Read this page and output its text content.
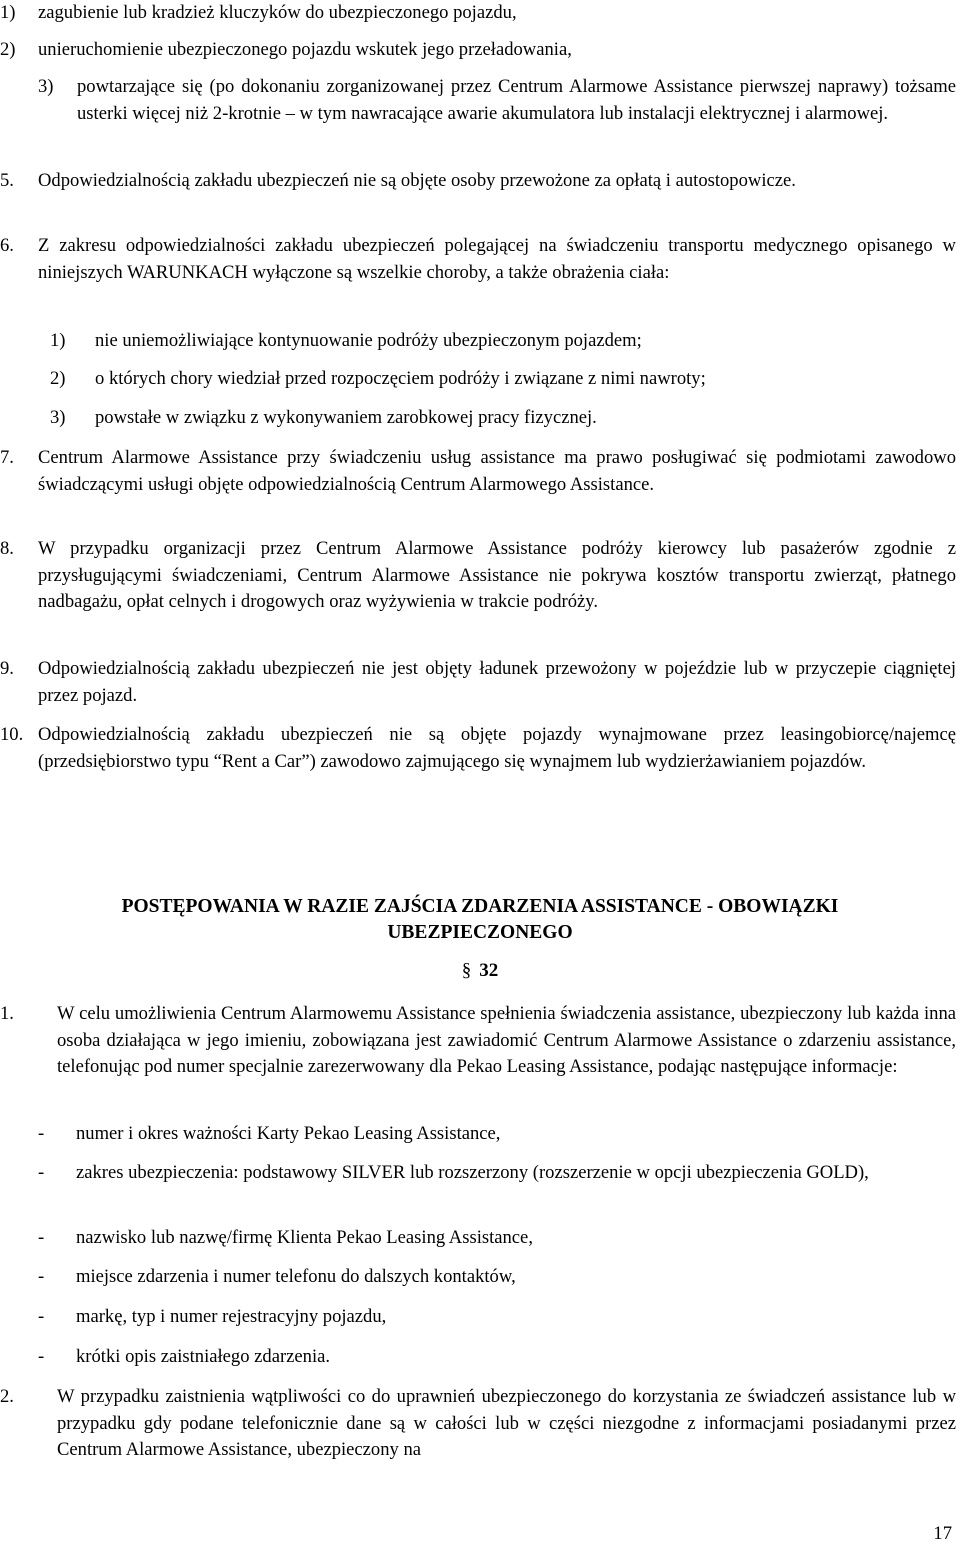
1) zagubienie lub kradzież kluczyków do ubezpieczonego pojazdu,
2) unieruchomienie ubezpieczonego pojazdu wskutek jego przeładowania,
3) powtarzające się (po dokonaniu zorganizowanej przez Centrum Alarmowe Assistance pierwszej naprawy) tożsame usterki więcej niż 2-krotnie – w tym nawracające awarie akumulatora lub instalacji elektrycznej i alarmowej.
5. Odpowiedzialnością zakładu ubezpieczeń nie są objęte osoby przewożone za opłatą i autostopowicze.
6. Z zakresu odpowiedzialności zakładu ubezpieczeń polegającej na świadczeniu transportu medycznego opisanego w niniejszych WARUNKACH wyłączone są wszelkie choroby, a także obrażenia ciała:
1) nie uniemożliwiające kontynuowanie podróży ubezpieczonym pojazdem;
2) o których chory wiedział przed rozpoczęciem podróży i związane z nimi nawroty;
3) powstałe w związku z wykonywaniem zarobkowej pracy fizycznej.
7. Centrum Alarmowe Assistance przy świadczeniu usług assistance ma prawo posługiwać się podmiotami zawodowo świadczącymi usługi objęte odpowiedzialnością Centrum Alarmowego Assistance.
8. W przypadku organizacji przez Centrum Alarmowe Assistance podróży kierowcy lub pasażerów zgodnie z przysługującymi świadczeniami, Centrum Alarmowe Assistance nie pokrywa kosztów transportu zwierząt, płatnego nadbagażu, opłat celnych i drogowych oraz wyżywienia w trakcie podróży.
9. Odpowiedzialnością zakładu ubezpieczeń nie jest objęty ładunek przewożony w pojeździe lub w przyczepie ciągniętej przez pojazd.
10. Odpowiedzialnością zakładu ubezpieczeń nie są objęte pojazdy wynajmowane przez leasingobiorcę/najemcę (przedsiębiorstwo typu “Rent a Car”) zawodowo zajmującego się wynajmem lub wydzierżawianiem pojazdów.
POSTĘPOWANIA W RAZIE ZAJŚCIA ZDARZENIA ASSISTANCE - OBOWIĄZKI
UBEZPIECZONEGO
§ 32
1. W celu umożliwienia Centrum Alarmowemu Assistance spełnienia świadczenia assistance, ubezpieczony lub każda inna osoba działająca w jego imieniu, zobowiązana jest zawiadomić Centrum Alarmowe Assistance o zdarzeniu assistance, telefonując pod numer specjalnie zarezerwowany dla Pekao Leasing Assistance, podając następujące informacje:
- numer i okres ważności Karty Pekao Leasing Assistance,
- zakres ubezpieczenia: podstawowy SILVER lub rozszerzony (rozszerzenie w opcji ubezpieczenia GOLD),
- nazwisko lub nazwę/firmę Klienta Pekao Leasing Assistance,
- miejsce zdarzenia i numer telefonu do dalszych kontaktów,
- markę, typ i numer rejestracyjny pojazdu,
- krótki opis zaistniałego zdarzenia.
2. W przypadku zaistnienia wątpliwości co do uprawnień ubezpieczonego do korzystania ze świadczeń assistance lub w przypadku gdy podane telefonicznie dane są w całości lub w części niezgodne z informacjami posiadanymi przez Centrum Alarmowe Assistance, ubezpieczony na
17
